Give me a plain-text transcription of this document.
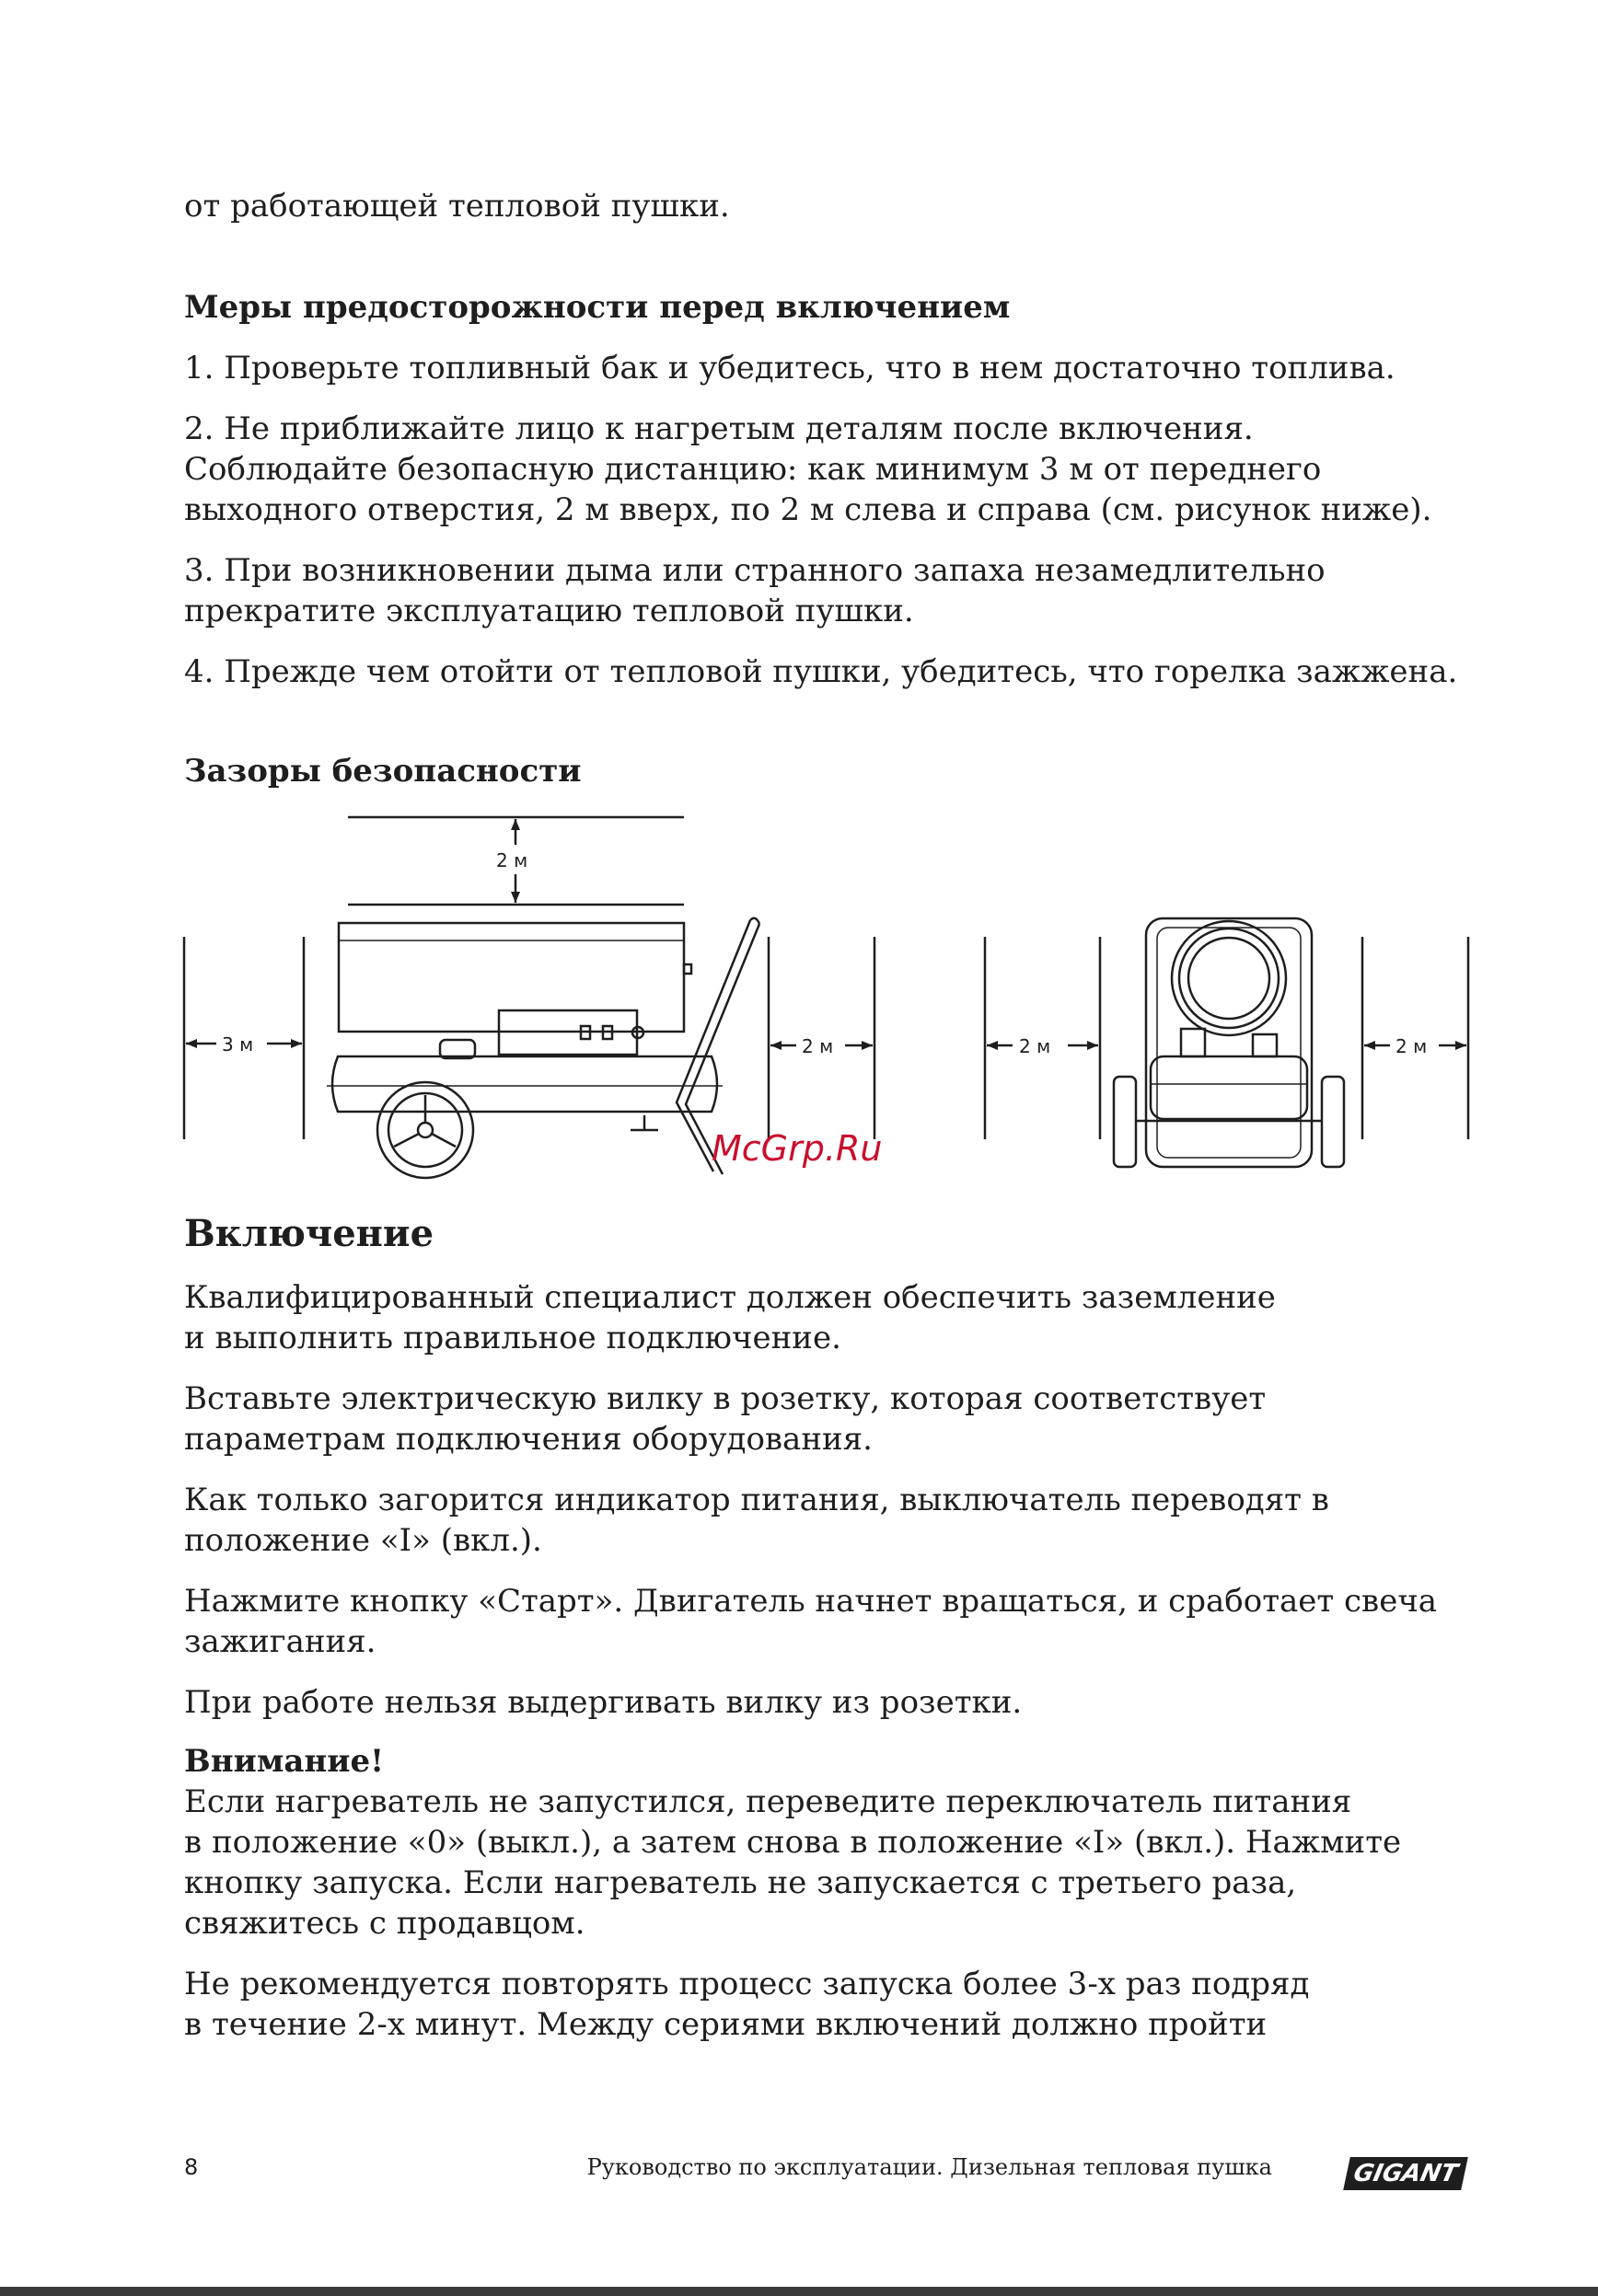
от работающей тепловой пушки.

Меры предосторожности перед включением

1. Проверьте топливный бак и убедитесь, что в нем достаточно топлива.

2. Не приближайте лицо к нагретым деталям после включения.

Соблюдайте безопасную дистанцию: как минимум 3 м от переднего

выходного отверстия, 2 м вверх, по 2 м слева и справа (см. рисунок ниже).

3. При возникновении дыма или странного запаха незамедлительно

прекратите эксплуатацию тепловой пушки.

4. Прежде чем отойти от тепловой пушки, убедитесь, что горелка зажжена.

Зазоры безопасности
2 м
3 м	2 м	2 м	2 м
McGrp.Ru
Включение

Квалифицированный специалист должен обеспечить заземление

и выполнить правильное подключение.

Вставьте электрическую вилку в розетку, которая соответствует

параметрам подключения оборудования.

Как только загорится индикатор питания, выключатель переводят в

положение «I» (вкл.).

Нажмите кнопку «Старт». Двигатель начнет вращаться, и сработает свеча

зажигания.

При работе нельзя выдергивать вилку из розетки.

Внимание!

Если нагреватель не запустился, переведите переключатель питания

в положение «0» (выкл.), а затем снова в положение «I» (вкл.). Нажмите

кнопку запуска. Если нагреватель не запускается с третьего раза,

свяжитесь с продавцом.

Не рекомендуется повторять процесс запуска более 3-х раз подряд

в течение 2-х минут. Между сериями включений должно пройти

8	Руководство по эксплуатации. Дизельная тепловая пушка	GIGANT
